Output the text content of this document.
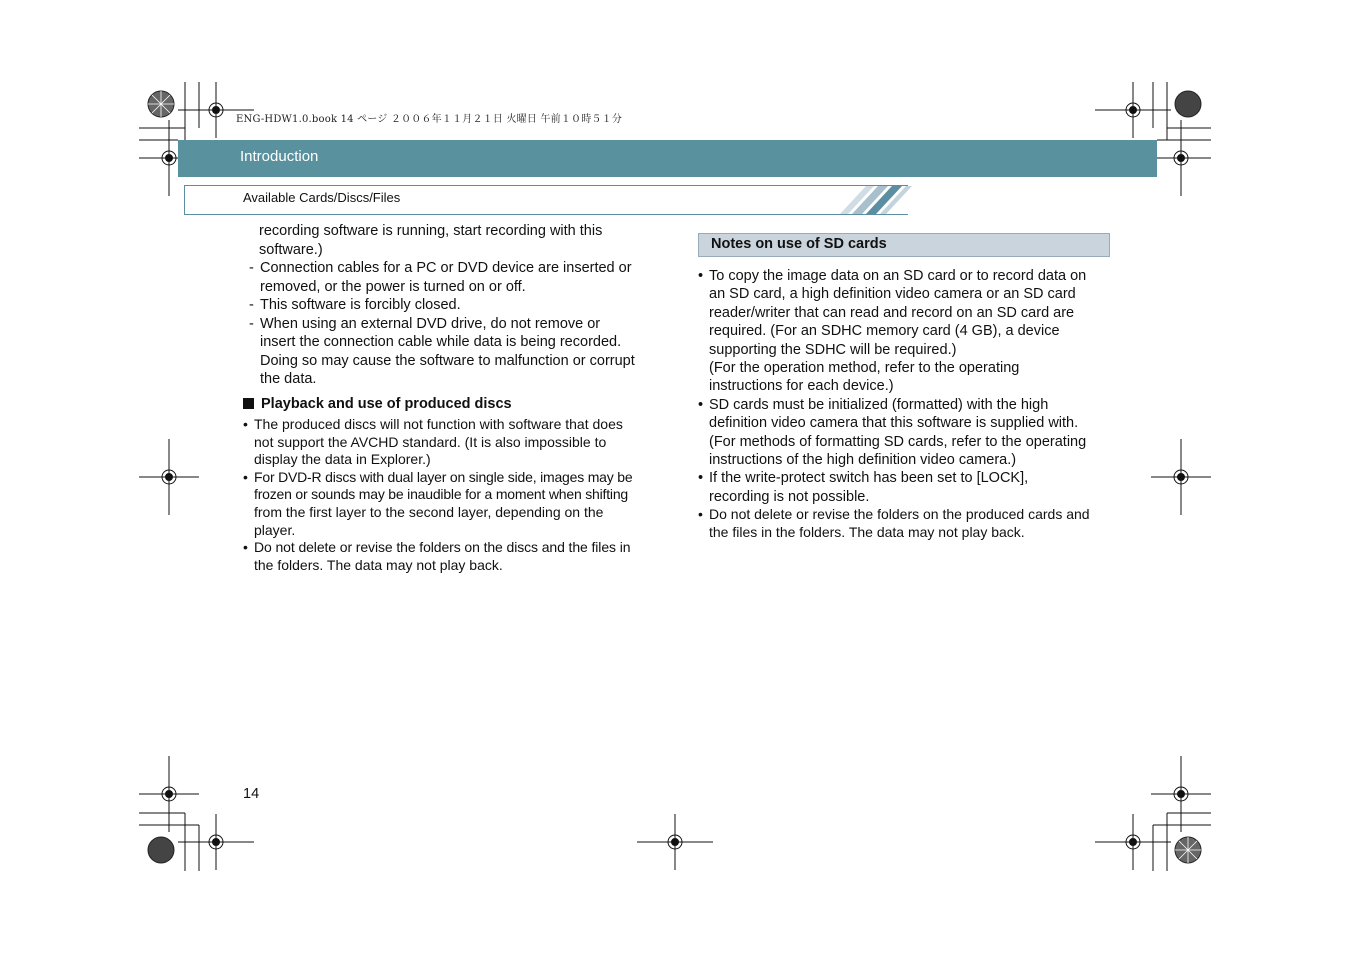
ENG-HDW1.0.book 14 ページ ２００６年１１月２１日 火曜日 午前１０時５１分
Introduction
Available Cards/Discs/Files

recording software is running, start recording with this

software.)

- Connection cables for a PC or DVD device are inserted or

removed, or the power is turned on or off.

- This software is forcibly closed.

- When using an external DVD drive, do not remove or

insert the connection cable while data is being recorded.

Doing so may cause the software to malfunction or corrupt

the data.

Playback and use of produced discs
• The produced discs will not function with software that does

not support the AVCHD standard. (It is also impossible to

display the data in Explorer.)

• For DVD-R discs with dual layer on single side, images may be

frozen or sounds may be inaudible for a moment when shifting

from the first layer to the second layer, depending on the

player.

• Do not delete or revise the folders on the discs and the files in

the folders. The data may not play back.

Notes on use of SD cards
• To copy the image data on an SD card or to record data on

an SD card, a high definition video camera or an SD card

reader/writer that can read and record on an SD card are

required. (For an SDHC memory card (4 GB), a device

supporting the SDHC will be required.)

(For the operation method, refer to the operating

instructions for each device.)

• SD cards must be initialized (formatted) with the high

definition video camera that this software is supplied with.

(For methods of formatting SD cards, refer to the operating

instructions of the high definition video camera.)

• If the write-protect switch has been set to [LOCK],

recording is not possible.

• Do not delete or revise the folders on the produced cards and

the files in the folders. The data may not play back.

14
